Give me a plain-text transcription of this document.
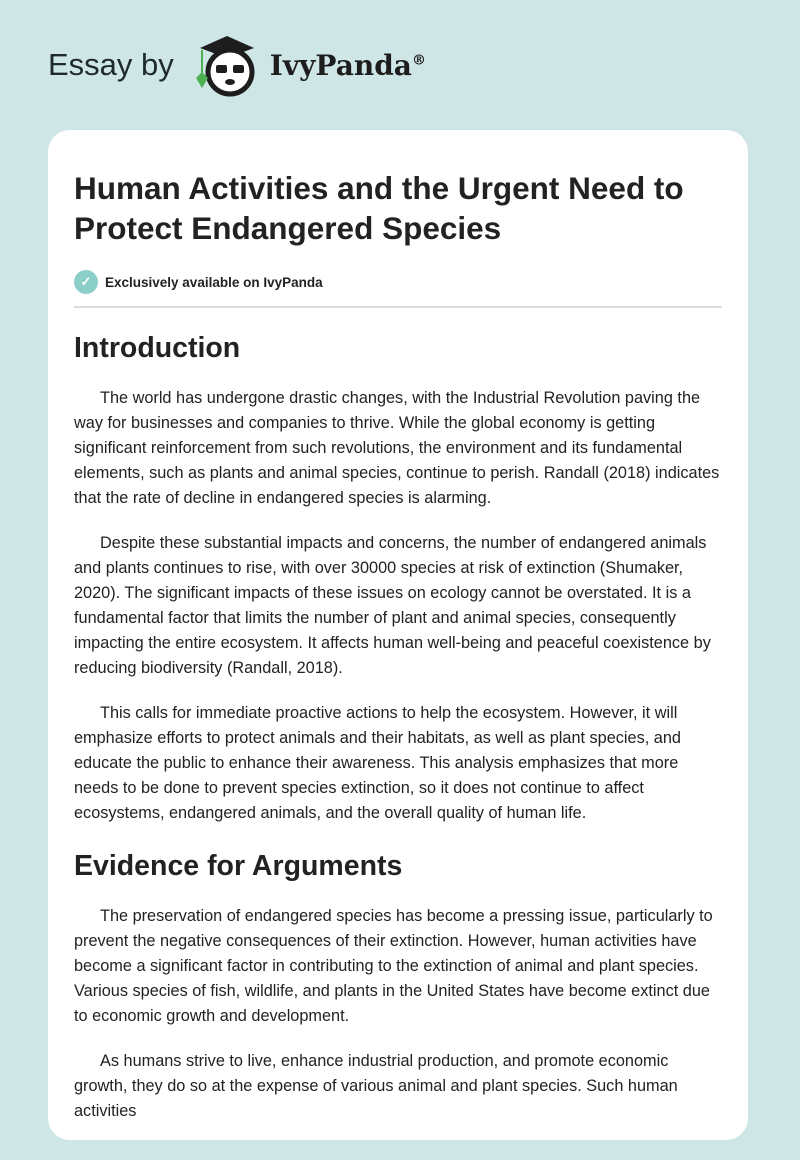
Essay by	IvyPanda®
Human Activities and the Urgent Need to Protect Endangered Species
✓	Exclusively available on IvyPanda
Introduction

The world has undergone drastic changes, with the Industrial Revolution paving the way for businesses and companies to thrive. While the global economy is getting significant reinforcement from such revolutions, the environment and its fundamental elements, such as plants and animal species, continue to perish. Randall (2018) indicates that the rate of decline in endangered species is alarming.

Despite these substantial impacts and concerns, the number of endangered animals and plants continues to rise, with over 30000 species at risk of extinction (Shumaker, 2020). The significant impacts of these issues on ecology cannot be overstated. It is a fundamental factor that limits the number of plant and animal species, consequently impacting the entire ecosystem. It affects human well-being and peaceful coexistence by reducing biodiversity (Randall, 2018).

This calls for immediate proactive actions to help the ecosystem. However, it will emphasize efforts to protect animals and their habitats, as well as plant species, and educate the public to enhance their awareness. This analysis emphasizes that more needs to be done to prevent species extinction, so it does not continue to affect ecosystems, endangered animals, and the overall quality of human life.

Evidence for Arguments

The preservation of endangered species has become a pressing issue, particularly to prevent the negative consequences of their extinction. However, human activities have become a significant factor in contributing to the extinction of animal and plant species. Various species of fish, wildlife, and plants in the United States have become extinct due to economic growth and development.

As humans strive to live, enhance industrial production, and promote economic growth, they do so at the expense of various animal and plant species. Such human activities
